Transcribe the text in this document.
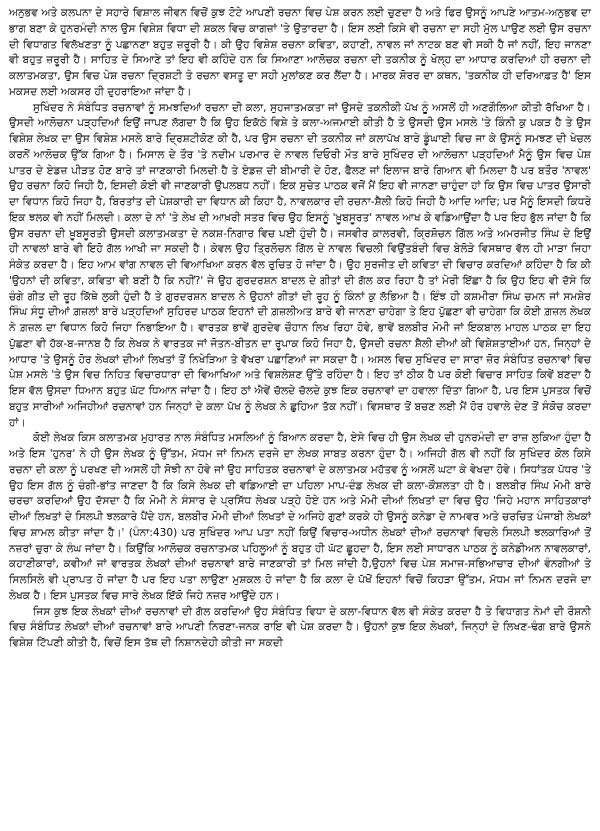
ਅਨੁਭਵ ਅਤੇ ਕਲਪਨਾ ਦੇ ਸਹਾਰੇ ਵਿਸ਼ਾਲ ਜੀਵਨ ਵਿਚੋਂ ਕੁਝ ਟੋਟੇ ਆਪਣੀ ਰਚਨਾ ਵਿਚ ਪੇਸ਼ ਕਰਨ ਲਈ ਚੁਣਦਾ ਹੈ ਅਤੇ ਫਿਰ ਉਸਨੂੰ ਆਪਣੇ ਆਤਮ-ਅਨੁਭਵ ਦਾ ਭਾਗ ਬਣਾ ਕੇ ਹੁਨਰਮੰਦੀ ਨਾਲ ਉਸ ਵਿਸ਼ੇਸ਼ ਵਿਧਾ ਦੀ ਸ਼ਕਲ ਵਿਚ ਕਾਗਜ਼ਾਂ 'ਤੇ ਉਤਾਰਦਾ ਹੈ। ਇਸ ਲਈ ਕਿਸੇ ਵੀ ਰਚਨਾ ਦਾ ਸਹੀ ਮੁੱਲ ਪਾਉਣ ਲਈ ਉਸ ਰਚਨਾ ਦੀ ਵਿਧਾਗਤ ਵਿਲੱਖਣਤਾ ਨੂੰ ਪਛਾਨਣਾ ਬਹੁਤ ਜ਼ਰੂਰੀ ਹੈ। ਕੀ ਉਹ ਵਿਸ਼ੇਸ਼ ਰਚਨਾ ਕਵਿਤਾ, ਕਹਾਣੀ, ਨਾਵਲ ਜਾਂ ਨਾਟਕ ਬਣ ਵੀ ਸਕੀ ਹੈ ਜਾਂ ਨਹੀਂ, ਇਹ ਜਾਨਣਾ ਵੀ ਬਹੁਤ ਜ਼ਰੂਰੀ ਹੈ। ਸਾਹਿਤ ਦੇ ਸਿਆਣੇ ਤਾਂ ਇਹ ਵੀ ਕਹਿੰਦੇ ਹਨ ਕਿ ਸਿਆਣਾ ਆਲੋਚਕ ਰਚਨਾ ਦੀ ਤਕਨੀਕ ਨੂੰ ਖੋਲ੍ਹ ਦਾ ਆਧਾਰ ਕਰਦਿਆਂ ਹੀ ਰਚਨਾ ਦੀ ਕਲਾਤਮਕਤਾ, ਉਸ ਵਿਚ ਪੇਸ਼ ਰਚਨਾ ਦ੍ਰਿਸ਼ਟੀ ਤੇ ਰਚਨਾ ਵਸਤੂ ਦਾ ਸਹੀ ਮੁਲਾਂਕਣ ਕਰ ਲੈਂਦਾ ਹੈ। ਮਾਰਕ ਸ਼ੋਰਰ ਦਾ ਕਥਨ, 'ਤਕਨੀਕ ਹੀ ਦਰਿਆਫ਼ਤ ਹੈ' ਇਸ ਮਕਸਦ ਲਈ ਅਕਸਰ ਹੀ ਦੁਹਰਾਇਆ ਜਾਂਦਾ ਹੈ।

ਸੁਖਿੰਦਰ ਨੇ ਸੰਬੰਧਿਤ ਰਚਨਾਵਾਂ ਨੂੰ ਸਮਝਦਿਆਂ ਰਚਨਾ ਦੀ ਕਲਾ, ਸੁਹਜਾਤਮਕਤਾ ਜਾਂ ਉਸਦੇ ਤਕਨੀਕੀ ਪੱਖ ਨੂੰ ਅਸਲੋਂ ਹੀ ਅਣਗੌਲਿਆ ਕੀਤੀ ਰੱਖਿਆ ਹੈ। ਉਸਦੀ ਆਲੋਚਨਾ ਪੜ੍ਹਦਿਆਂ ਇਉਂ ਜਾਪਣ ਲੱਗਦਾ ਹੈ ਕਿ ਉਹ ਇਕੱਠੇ ਵਿਸ਼ੇ ਤੇ ਕਲਾ-ਅਜਮਾਈ ਕੀਤੀ ਹੈ ਤੇ ਉਸਦੀ ਉਸ ਮਸਲੇ 'ਤੇ ਕਿੰਨੀ ਕੁ ਪਕੜ ਹੈ ਤੇ ਉਸ ਵਿਸ਼ੇਸ਼ ਲੇਖਕ ਦਾ ਉਸ ਵਿਸ਼ੇਸ਼ ਮਸਲੇ ਬਾਰੇ ਦ੍ਰਿਸ਼ਟੀਕੋਣ ਕੀ ਹੈ, ਪਰ ਉਸ ਰਚਨਾ ਦੀ ਤਕਨੀਕ ਜਾਂ ਕਲਾਪੱਖ ਬਾਰੇ ਡੂੰਘਾਈ ਵਿਚ ਜਾ ਕੇ ਉਸਨੂੰ ਸਮਝਣ ਦੀ ਖੇਚਲ ਕਰਨੋਂ ਆਲੋਚਕ ਉੱਕ ਗਿਆ ਹੈ। ਮਿਸਾਲ ਦੇ ਤੌਰ 'ਤੇ ਨਦੀਮ ਪਰਮਾਰ ਦੇ ਨਾਵਲ ਦਿਓਰੀ ਮੌਤ ਬਾਰੇ ਸੁਖਿੰਦਰ ਦੀ ਆਲੋਚਨਾ ਪੜ੍ਹਦਿਆਂ ਮੈਨੂੰ ਉਸ ਵਿਚ ਪੇਸ਼ ਪਾਤਰ ਦੇ ਏਡਜ਼ ਪੀੜਤ ਹੋਣ ਬਾਰੇ ਤਾਂ ਜਾਣਕਾਰੀ ਮਿਲਦੀ ਹੈ ਤੇ ਏਡਜ਼ ਦੀ ਬੀਮਾਰੀ ਦੇ ਹੋਣ, ਫੈਲਣ ਜਾਂ ਇਲਾਜ ਬਾਰੇ ਗਿਆਨ ਵੀ ਮਿਲਦਾ ਹੈ ਪਰ ਬਤੌਰ 'ਨਾਵਲ' ਉਹ ਰਚਨਾ ਕਿਹੋ ਜਿਹੀ ਹੈ, ਇਸਦੀ ਕੋਈ ਵੀ ਜਾਣਕਾਰੀ ਉਪਲਬਧ ਨਹੀਂ। ਇਕ ਸੁਚੇਤ ਪਾਠਕ ਵਜੋਂ ਮੈਂ ਇਹ ਵੀ ਜਾਨਣਾ ਚਾਹੁੰਦਾ ਹਾਂ ਕਿ ਉਸ ਵਿਚ ਪਾਤਰ ਉਸਾਰੀ ਦਾ ਵਿਧਾਨ ਕਿਹੋ ਜਿਹਾ ਹੈ, ਬਿਰਤਾਂਤ ਦੀ ਪੇਸ਼ਕਾਰੀ ਦਾ ਵਿਧਾਨ ਕੀ ਕਿਹਾ ਹੈ, ਨਾਵਲਕਾਰ ਦੀ ਰਚਨਾ-ਸ਼ੈਲੀ ਕਿਹੋ ਜਿਹੀ ਹੈ ਆਦਿ ਆਦਿ; ਪਰ ਮੈਨੂੰ ਇਸਦੀ ਕਿਧਰੇ ਇਕ ਝਲਕ ਵੀ ਨਹੀਂ ਮਿਲਦੀ। ਕਲਾ ਦੇ ਨਾਂ 'ਤੇ ਲੇਖ ਦੀ ਆਖ਼ਰੀ ਸਤਰ ਵਿਚ ਉਹ ਇਸਨੂੰ 'ਖ਼ੂਬਸੂਰਤ' ਨਾਵਲ ਆਖ ਕੇ ਵਡਿਆਉਂਦਾ ਹੈ ਪਰ ਇਹ ਭੁੱਲ ਜਾਂਦਾ ਹੈ ਕਿ ਉਸ ਰਚਨਾ ਦੀ ਖ਼ੂਬਸੂਰਤੀ ਉਸਦੀ ਕਲਾਤਮਕਤਾ ਦੇ ਨਕਸ਼-ਨਿਗਾਰ ਵਿਚ ਪਈ ਹੁੰਦੀ ਹੈ। ਜਸਵੀਰ ਕਾਲਰਵੀ, ਕ੍ਰਿਸ਼ੋਚਨ ਗਿੱਲ ਅਤੇ ਅਮਰਜੀਤ ਸਿੰਘ ਦੇ ਇਉਂ ਹੀ ਨਾਵਲਾਂ ਬਾਰੇ ਵੀ ਇਹੋ ਗੱਲ ਆਖੀ ਜਾ ਸਕਦੀ ਹੈ। ਕੇਵਲ ਉਹ ਤ੍ਰਿਲੋਚਨ ਗਿੱਲ ਦੇ ਨਾਵਲ ਵਿਚਲੀ ਵਿਉਂਤਬੰਦੀ ਵਿਚ ਬੇਲੋੜੇ ਵਿਸਥਾਰ ਵੱਲ ਹੀ ਮਾੜਾ ਜਿਹਾ ਸੰਕੇਤ ਕਰਦਾ ਹੈ। ਇਹ ਆਮ ਵਾਂਗ ਨਾਵਲ ਦੀ ਵਿਆਖਿਆ ਕਰਨ ਵੱਲ ਰੁਚਿਤ ਹੋ ਜਾਂਦਾ ਹੈ। ਉਹ ਸੁਰਜੀਤ ਦੀ ਕਵਿਤਾ ਦੀ ਵਿਚਾਰ ਕਰਦਿਆਂ ਕਹਿੰਦਾ ਹੈ ਕਿ ਕੀ 'ਉਹਨਾਂ ਦੀ ਕਵਿਤਾ, ਕਵਿਤਾ ਵੀ ਬਣੀ ਹੈ ਕਿ ਨਹੀਂ?' ਜੇ ਉਹ ਗੁਰਦਰਸ਼ਨ ਬਾਦਲ ਦੇ ਗੀਤਾਂ ਦੀ ਗੱਲ ਕਰ ਰਿਹਾ ਹੈ ਤਾਂ ਮੇਰੀ ਇੱਛਾ ਹੈ ਕਿ ਉਹ ਇਹ ਵੀ ਦੱਸੇ ਕਿ ਚੰਗੇ ਗੀਤ ਦੀ ਰੂਹ ਕਿੱਥੇ ਲੁਕੀ ਹੁੰਦੀ ਹੈ ਤੇ ਗੁਰਦਰਸ਼ਨ ਬਾਦਲ ਨੇ ਉਹਨਾਂ ਗੀਤਾਂ ਦੀ ਰੂਹ ਨੂੰ ਕਿੰਨਾਂ ਕੁ ਲੱਭਿਆ ਹੈ। ਇੰਝ ਹੀ ਕਸ਼ਮੀਰਾ ਸਿੰਘ ਚਮਨ ਜਾਂ ਸਮਸ਼ੇਰ ਸਿੰਘ ਸੰਧੂ ਦੀਆਂ ਗ਼ਜ਼ਲਾਂ ਬਾਰੇ ਪੜ੍ਹਦਿਆਂ ਸੁਹਿਰਦ ਪਾਠਕ ਇਹਨਾਂ ਦੀ ਗ਼ਜ਼ਲੀਅਤ ਬਾਰੇ ਵੀ ਜਾਨਣਾ ਚਾਹੇਗਾ ਤੇ ਇਹ ਪੁੱਛਣਾ ਵੀ ਚਾਹੇਗਾ ਕਿ ਕੋਈ ਗ਼ਜ਼ਲ ਲੇਖਕ ਨੇ ਗ਼ਜ਼ਲ ਦਾ ਵਿਧਾਨ ਕਿਹੋ ਜਿਹਾ ਨਿਭਾਇਆ ਹੈ। ਵਾਰਤਕ ਭਾਵੇਂ ਗੁਰਦੇਵ ਚੌਹਾਨ ਲਿਖ ਰਿਹਾ ਹੋਵੇ, ਭਾਵੇਂ ਬਲਬੀਰ ਮੋਮੀ ਜਾਂ ਇਕਬਾਲ ਮਾਹਲ ਪਾਠਕ ਦਾ ਇਹ ਪੁੱਛਣਾ ਵੀ ਹੱਕ-ਬ-ਜਾਨਬ ਹੈ ਕਿ ਲੇਖਕ ਨੇ ਵਾਰਤਕ ਜਾਂ ਜੋਤਨ-ਬੀਤਨ ਦਾ ਰੂਪਾਕ ਕਿਹੋ ਜਿਹਾ ਹੈ, ਉਸਦੀ ਰਚਨਾ ਸ਼ੈਲੀ ਦੀਆਂ ਕੀ ਵਿਸ਼ੇਸ਼ਤਾਈਆਂ ਹਨ, ਜਿਨ੍ਹਾਂ ਦੇ ਆਧਾਰ 'ਤੇ ਉਸਨੂੰ ਹੋਰ ਲੇਖਕਾਂ ਦੀਆਂ ਲਿਖਤਾਂ ਤੋਂ ਨਿਖੇੜਿਆ ਤੇ ਵੱਖਰਾ ਪਛਾਣਿਆਂ ਜਾ ਸਕਦਾ ਹੈ। ਅਸਲ ਵਿਚ ਸੁਖਿੰਦਰ ਦਾ ਸਾਰਾ ਜ਼ੋਰ ਸੰਬੰਧਿਤ ਰਚਨਾਵਾਂ ਵਿਚ ਪੇਸ਼ ਮਸਲੇ 'ਤੇ ਉਸ ਵਿਚ ਨਿਹਿਤ ਵਿਚਾਰਧਾਰਾ ਦੀ ਵਿਆਖਿਆ ਅਤੇ ਵਿਸ਼ਲੇਸ਼ਣ ਉੱਤੇ ਰਹਿੰਦਾ ਹੈ। ਇਹ ਤਾਂ ਠੀਕ ਹੈ ਪਰ ਕੋਈ ਵਿਚਾਰ ਸਾਹਿਤ ਕਿਵੇਂ ਬਣਦਾ ਹੈ ਇਸ ਵੱਲ ਉਸਦਾ ਧਿਆਨ ਬਹੁਤ ਘੱਟ ਧਿਆਨ ਜਾਂਦਾ ਹੈ। ਇਹ ਠਾਂ ਐਵੇਂ ਚੱਲਦੇ ਚੱਲਦੇ ਕੁਝ ਇਕ ਰਚਨਾਵਾਂ ਦਾ ਹਵਾਲਾ ਦਿੱਤਾ ਗਿਆ ਹੈ, ਪਰ ਇਸ ਪੁਸਤਕ ਵਿਚੋਂ ਬਹੁਤ ਸਾਰੀਆਂ ਅਜਿਹੀਆਂ ਰਚਨਾਵਾਂ ਹਨ ਜਿਨ੍ਹਾਂ ਦੇ ਕਲਾ ਪੱਖ ਨੂੰ ਲੇਖਕ ਨੇ ਛੁਹਿਆ ਤੱਕ ਨਹੀਂ। ਵਿਸਥਾਰ ਤੋਂ ਬਚਣ ਲਈ ਮੈਂ ਹੋਰ ਹਵਾਲੇ ਦੇਣ ਤੋਂ ਸੰਕੋਚ ਕਰਦਾ ਹਾਂ।

ਕੋਈ ਲੇਖਕ ਕਿਸ ਕਲਾਤਮਕ ਮੁਹਾਰਤ ਨਾਲ ਸੰਬੰਧਿਤ ਮਸਲਿਆਂ ਨੂੰ ਬਿਆਨ ਕਰਦਾ ਹੈ, ਏਸੇ ਵਿਚ ਹੀ ਉਸ ਲੇਖਕ ਦੀ ਹੁਨਰਮੰਦੀ ਦਾ ਰਾਜ਼ ਲੁਕਿਆ ਹੁੰਦਾ ਹੈ ਅਤੇ ਇਸ 'ਹੁਨਰ' ਨੇ ਹੀ ਉਸ ਲੇਖਕ ਨੂੰ ਉੱਤਮ, ਮੱਧਮ ਜਾਂ ਨਿਮਨ ਦਰਜੇ ਦਾ ਲੇਖਕ ਸਾਬਤ ਕਰਨਾ ਹੁੰਦਾ ਹੈ। ਅਜਿਹੀ ਗੱਲ ਵੀ ਨਹੀਂ ਕਿ ਸੁਖਿੰਦਰ ਕੋਲ ਕਿਸੇ ਰਚਨਾ ਦੀ ਕਲਾ ਨੂੰ ਪਰਖਣ ਦੀ ਅਸਲੋਂ ਹੀ ਸੋਝੀ ਨਾ ਹੋਵੇ ਜਾਂ ਉਹ ਸਾਹਿਤਕ ਰਚਨਾਵਾਂ ਦੇ ਕਲਾਤਮਕ ਮਹੱਤਵ ਨੂੰ ਅਸਲੋਂ ਘਟਾ ਕੇ ਵੇਖਦਾ ਹੋਵੇ। ਸਿਧਾਂਤਕ ਪੱਧਰ 'ਤੇ ਉਹ ਇਸ ਗੱਲ ਨੂੰ ਚੰਗੀ-ਭਾਂਤ ਜਾਣਦਾ ਹੈ ਕਿ ਕਿਸੇ ਲੇਖਕ ਦੀ ਵਡਿਆਈ ਦਾ ਪਹਿਲਾ ਮਾਪ-ਦੰਡ ਲੇਖਕ ਦੀ ਕਲਾ-ਕੌਸ਼ਲਤਾ ਹੀ ਹੈ। ਬਲਬੀਰ ਸਿੰਘ ਮੋਮੀ ਬਾਰੇ ਚਰਚਾ ਕਰਦਿਆਂ ਉਹ ਦੱਸਦਾ ਹੈ ਕਿ ਮੋਮੀ ਨੇ ਸੰਸਾਰ ਦੇ ਪ੍ਰਸਿੱਧ ਲੇਖਕ ਪੜ੍ਹੇ ਹੋਏ ਹਨ ਅਤੇ ਮੋਮੀ ਦੀਆਂ ਲਿਖਤਾਂ ਦਾ ਵਿਚ ਉਹ 'ਜਿਹੇ ਮਹਾਨ ਸਾਹਿਤਕਾਰਾਂ ਦੀਆਂ ਲਿਖਤਾਂ ਦੇ ਸਿਲਪੀ ਝਲਕਾਰੇ ਪੈਂਦੇ ਹਨ, ਬਲਬੀਰ ਮੋਮੀ ਦੀਆਂ ਲਿਖਤਾਂ ਦੇ ਅਜਿਹੇ ਗੁਣਾਂ ਕਰਕੇ ਹੀ ਉਸਨੂੰ ਕਨੇਡਾ ਦੇ ਨਾਮਵਰ ਅਤੇ ਚਰਚਿਤ ਪੰਜਾਬੀ ਲੇਖਕਾਂ ਵਿਚ ਸ਼ਾਮਲ ਕੀਤਾ ਜਾਂਦਾ ਹੈ।' (ਪੰਨਾ:430) ਪਰ ਸੁਖਿੰਦਰ ਆਪ ਪਤਾ ਨਹੀਂ ਕਿਉਂ ਵਿਚਾਰ-ਅਧੀਨ ਲੇਖਕਾਂ ਦੀਆਂ ਰਚਨਾਵਾਂ ਵਿਚਲੇ ਸਿਲਪੀ ਝਲਕਾਰਿਆਂ ਤੋਂ ਨਜ਼ਰਾਂ ਚੁਰਾ ਕੇ ਲੰਘ ਜਾਂਦਾ ਹੈ। ਕਿਉਂਕਿ ਆਲੋਚਕ ਰਚਨਾਤਮਕ ਪਹਿਲੂਆਂ ਨੂੰ ਬਹੁਤ ਹੀ ਘੱਟ ਛੂਹਦਾ ਹੈ, ਇਸ ਲਈ ਸਾਧਾਰਨ ਪਾਠਕ ਨੂੰ ਕਨੇਡੀਅਨ ਨਾਵਲਕਾਰਾਂ, ਕਹਾਣੀਕਾਰਾਂ, ਕਵੀਆਂ ਜਾਂ ਵਾਰਤਕ ਲੇਖਕਾਂ ਦੀਆਂ ਰਚਨਾਵਾਂ ਬਾਰੇ ਜਾਣਕਾਰੀ ਤਾਂ ਮਿਲ ਜਾਂਦੀ ਹੈ,ਉਹਨਾਂ ਵਿਚ ਪੇਸ਼ ਸਮਾਜ-ਸਭਿਆਚਾਰ ਦੀਆਂ ਵੰਨਗੀਆਂ ਤੇ ਸਿਲਸਿਲੇ ਵੀ ਪ੍ਰਾਪਤ ਹੋ ਜਾਂਦਾ ਹੈ ਪਰ ਇਹ ਪਤਾ ਲਾਉਣਾ ਮੁਸ਼ਕਲ ਹੋ ਜਾਂਦਾ ਹੈ ਕਿ ਕਲਾ ਦੇ ਪੱਖੋਂ ਇਹਨਾਂ ਵਿਚੋਂ ਕਿਹੜਾ ਉੱਤਮ, ਮੱਧਮ ਜਾਂ ਨਿਮਨ ਦਰਜੇ ਦਾ ਲੇਖਕ ਹੈ। ਇਸ ਪੁਸਤਕ ਵਿਚ ਸਾਰੇ ਲੇਖਕ ਇੱਕੋ ਜਿਹੇ ਨਜ਼ਰ ਆਉਂਦੇ ਹਨ।

ਜਿਸ ਕੁਝ ਇਕ ਲੇਖਕਾਂ ਦੀਆਂ ਰਚਨਾਵਾਂ ਦੀ ਗੱਲ ਕਰਦਿਆਂ ਉਹ ਸੰਬੰਧਿਤ ਵਿਧਾ ਦੇ ਕਲਾ-ਵਿਧਾਨ ਵੱਲ ਵੀ ਸੰਕੇਤ ਕਰਦਾ ਹੈ ਤੇ ਵਿਧਾਗਤ ਨੇਮਾਂ ਦੀ ਰੌਸ਼ਨੀ ਵਿਚ ਸੰਬੰਧਿਤ ਲੇਖਕਾਂ ਦੀਆਂ ਰਚਨਾਵਾਂ ਬਾਰੇ ਆਪਣੀ ਨਿਰਣਾ-ਜਨਕ ਰਾਇ ਵੀ ਪੇਸ਼ ਕਰਦਾ ਹੈ। ਉਹਨਾਂ ਕੁਝ ਇਕ ਲੇਖਕਾਂ, ਜਿਨ੍ਹਾਂ ਦੇ ਲਿਖਣ-ਢੰਗ ਬਾਰੇ ਉਸਨੇ ਵਿਸ਼ੇਸ਼ ਟਿੱਪਣੀ ਕੀਤੀ ਹੈ, ਵਿਚੋਂ ਇਸ ਤੱਥ ਦੀ ਨਿਸ਼ਾਨਦੇਹੀ ਕੀਤੀ ਜਾ ਸਕਦੀ
